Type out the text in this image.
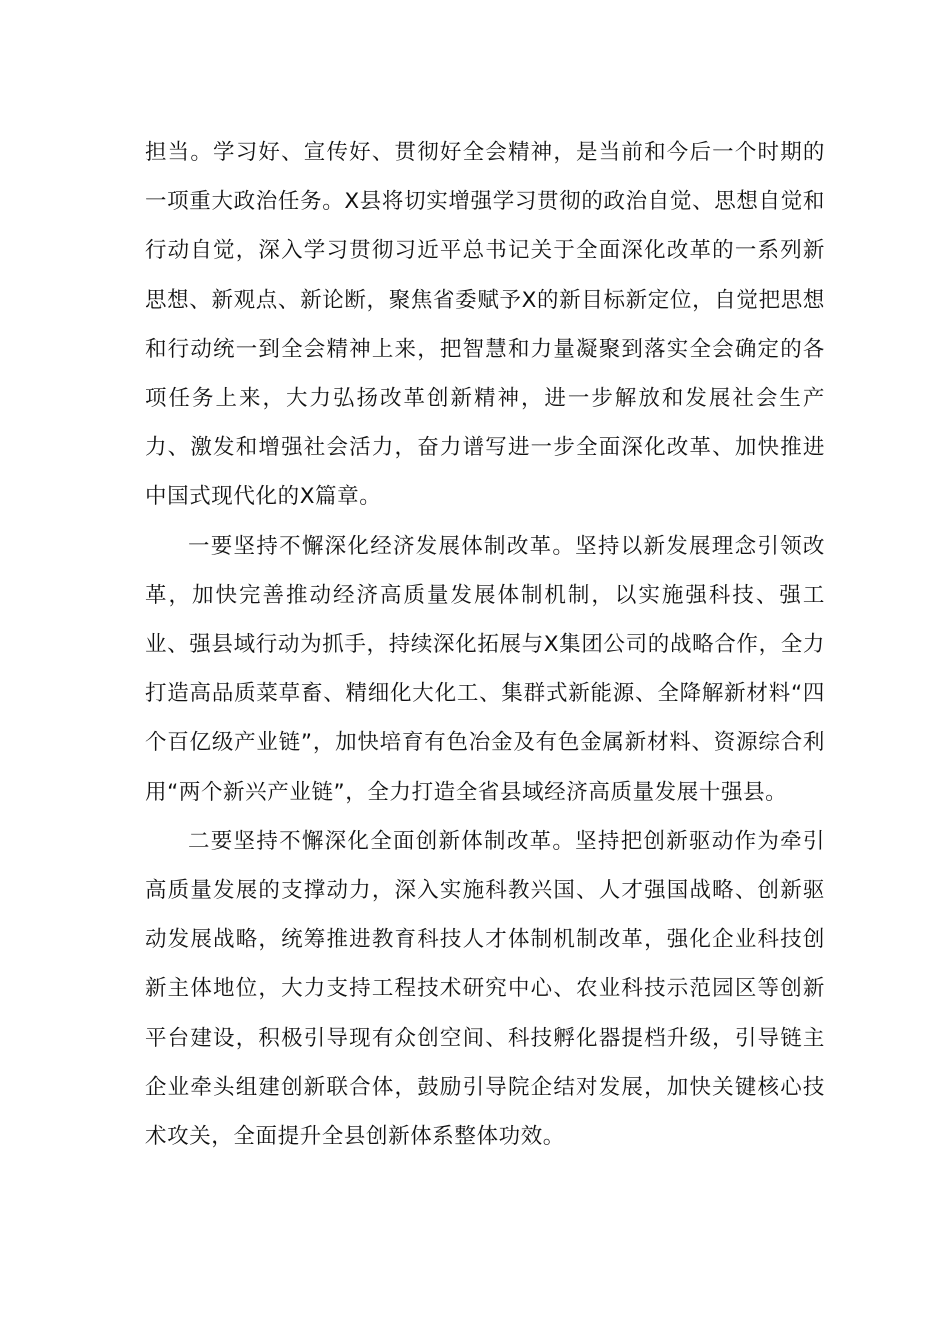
担当。学习好、宣传好、贯彻好全会精神，是当前和今后一个时期的一项重大政治任务。X县将切实增强学习贯彻的政治自觉、思想自觉和行动自觉，深入学习贯彻习近平总书记关于全面深化改革的一系列新思想、新观点、新论断，聚焦省委赋予X的新目标新定位，自觉把思想和行动统一到全会精神上来，把智慧和力量凝聚到落实全会确定的各项任务上来，大力弘扬改革创新精神，进一步解放和发展社会生产力、激发和增强社会活力，奋力谱写进一步全面深化改革、加快推进中国式现代化的X篇章。

一要坚持不懈深化经济发展体制改革。坚持以新发展理念引领改革，加快完善推动经济高质量发展体制机制，以实施强科技、强工业、强县域行动为抓手，持续深化拓展与X集团公司的战略合作，全力打造高品质菜草畜、精细化大化工、集群式新能源、全降解新材料“四个百亿级产业链”，加快培育有色冶金及有色金属新材料、资源综合利用“两个新兴产业链”，全力打造全省县域经济高质量发展十强县。

二要坚持不懈深化全面创新体制改革。坚持把创新驱动作为牵引高质量发展的支撑动力，深入实施科教兴国、人才强国战略、创新驱动发展战略，统筹推进教育科技人才体制机制改革，强化企业科技创新主体地位，大力支持工程技术研究中心、农业科技示范园区等创新平台建设，积极引导现有众创空间、科技孵化器提档升级，引导链主企业牵头组建创新联合体，鼓励引导院企结对发展，加快关键核心技术攻关，全面提升全县创新体系整体功效。
